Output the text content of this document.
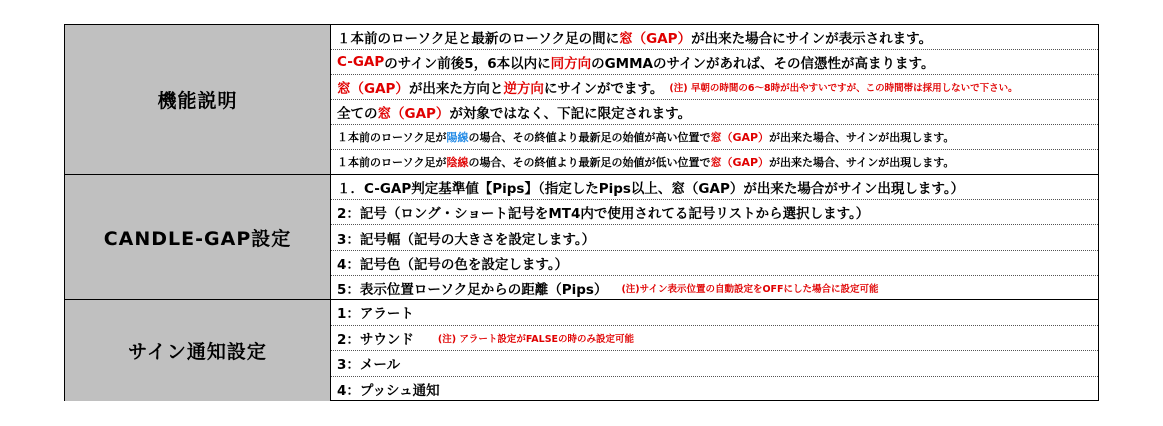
機能説明
１本前のローソク足と最新のローソク足の間に 窓（GAP） が出来た場合にサインが表示されます。
C-GAP のサイン前後5，6本以内に 同方向 のGMMAのサインがあれば、その信憑性が高まります。
窓（GAP） が出来た方向と 逆方向 にサインがでます。 (注) 早朝の時間の6～8時が出やすいですが、この時間帯は採用しないで下さい。
全ての 窓（GAP） が対象ではなく、下記に限定されます。
１本前のローソク足が 陽線 の場合、その終値より最新足の始値が高い位置で 窓（GAP） が出来た場合、サインが出現します。
１本前のローソク足が 陰線 の場合、その終値より最新足の始値が低い位置で 窓（GAP） が出来た場合、サインが出現します。
CANDLE-GAP設定
１．C-GAP判定基準値【Pips】（指定したPips以上、窓（GAP）が出来た場合がサイン出現します。）
2：記号（ロング・ショート記号をMT4内で使用されてる記号リストから選択します。）
3：記号幅（記号の大きさを設定します。）
4：記号色（記号の色を設定します。）
5：表示位置ローソク足からの距離（Pips） (注)サイン表示位置の自動設定をOFFにした場合に設定可能
サイン通知設定
1：アラート
2：サウンド	(注) アラート設定がFALSEの時のみ設定可能
3：メール
4：プッシュ通知
